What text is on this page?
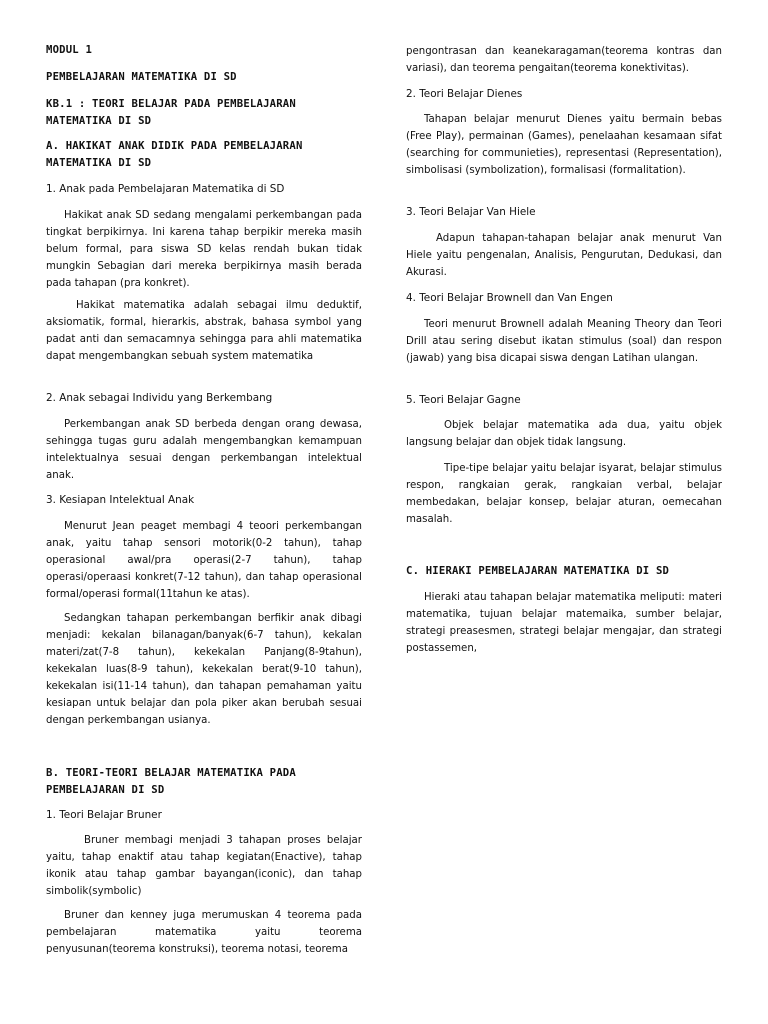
MODUL 1
PEMBELAJARAN MATEMATIKA DI SD
KB.1 : TEORI BELAJAR PADA PEMBELAJARAN
MATEMATIKA DI SD
A. HAKIKAT ANAK DIDIK PADA PEMBELAJARAN
MATEMATIKA DI SD
1. Anak pada Pembelajaran Matematika di SD

Hakikat anak SD sedang mengalami perkembangan pada tingkat berpikirnya. Ini karena tahap berpikir mereka masih belum formal, para siswa SD kelas rendah bukan tidak mungkin Sebagian dari mereka berpikirnya masih berada pada tahapan (pra konkret).

Hakikat matematika adalah sebagai ilmu deduktif, aksiomatik, formal, hierarkis, abstrak, bahasa symbol yang padat anti dan semacamnya sehingga para ahli matematika dapat mengembangkan sebuah system matematika

2. Anak sebagai Individu yang Berkembang

Perkembangan anak SD berbeda dengan orang dewasa, sehingga tugas guru adalah mengembangkan kemampuan intelektualnya sesuai dengan perkembangan intelektual anak.

3. Kesiapan Intelektual Anak

Menurut Jean peaget membagi 4 teoori perkembangan anak, yaitu tahap sensori motorik(0-2 tahun), tahap operasional awal/pra operasi(2-7 tahun), tahap operasi/operaasi konkret(7-12 tahun), dan tahap operasional formal/operasi formal(11tahun ke atas).

Sedangkan tahapan perkembangan berfikir anak dibagi menjadi: kekalan bilanagan/banyak(6-7 tahun), kekalan materi/zat(7-8 tahun), kekekalan Panjang(8-9tahun), kekekalan luas(8-9 tahun), kekekalan berat(9-10 tahun), kekekalan isi(11-14 tahun), dan tahapan pemahaman yaitu kesiapan untuk belajar dan pola piker akan berubah sesuai dengan perkembangan usianya.

B. TEORI-TEORI BELAJAR MATEMATIKA PADA
PEMBELAJARAN DI SD
1. Teori Belajar Bruner

Bruner membagi menjadi 3 tahapan proses belajar yaitu, tahap enaktif atau tahap kegiatan(Enactive), tahap ikonik atau tahap gambar bayangan(iconic), dan tahap simbolik(symbolic)

Bruner dan kenney juga merumuskan 4 teorema pada pembelajaran matematika yaitu teorema penyusunan(teorema konstruksi), teorema notasi, teorema

pengontrasan dan keanekaragaman(teorema kontras dan variasi), dan teorema pengaitan(teorema konektivitas).

2. Teori Belajar Dienes

Tahapan belajar menurut Dienes yaitu bermain bebas (Free Play), permainan (Games), penelaahan kesamaan sifat (searching for communieties), representasi (Representation), simbolisasi (symbolization), formalisasi (formalitation).

3. Teori Belajar Van Hiele

Adapun tahapan-tahapan belajar anak menurut Van Hiele yaitu pengenalan, Analisis, Pengurutan, Dedukasi, dan Akurasi.

4. Teori Belajar Brownell dan Van Engen

Teori menurut Brownell adalah Meaning Theory dan Teori Drill atau sering disebut ikatan stimulus (soal) dan respon (jawab) yang bisa dicapai siswa dengan Latihan ulangan.

5. Teori Belajar Gagne

Objek belajar matematika ada dua, yaitu objek langsung belajar dan objek tidak langsung.

Tipe-tipe belajar yaitu belajar isyarat, belajar stimulus respon, rangkaian gerak, rangkaian verbal, belajar membedakan, belajar konsep, belajar aturan, oemecahan masalah.

C. HIERAKI PEMBELAJARAN MATEMATIKA DI SD

Hieraki atau tahapan belajar matematika meliputi: materi matematika, tujuan belajar matemaika, sumber belajar, strategi preasesmen, strategi belajar mengajar, dan strategi postassemen,
